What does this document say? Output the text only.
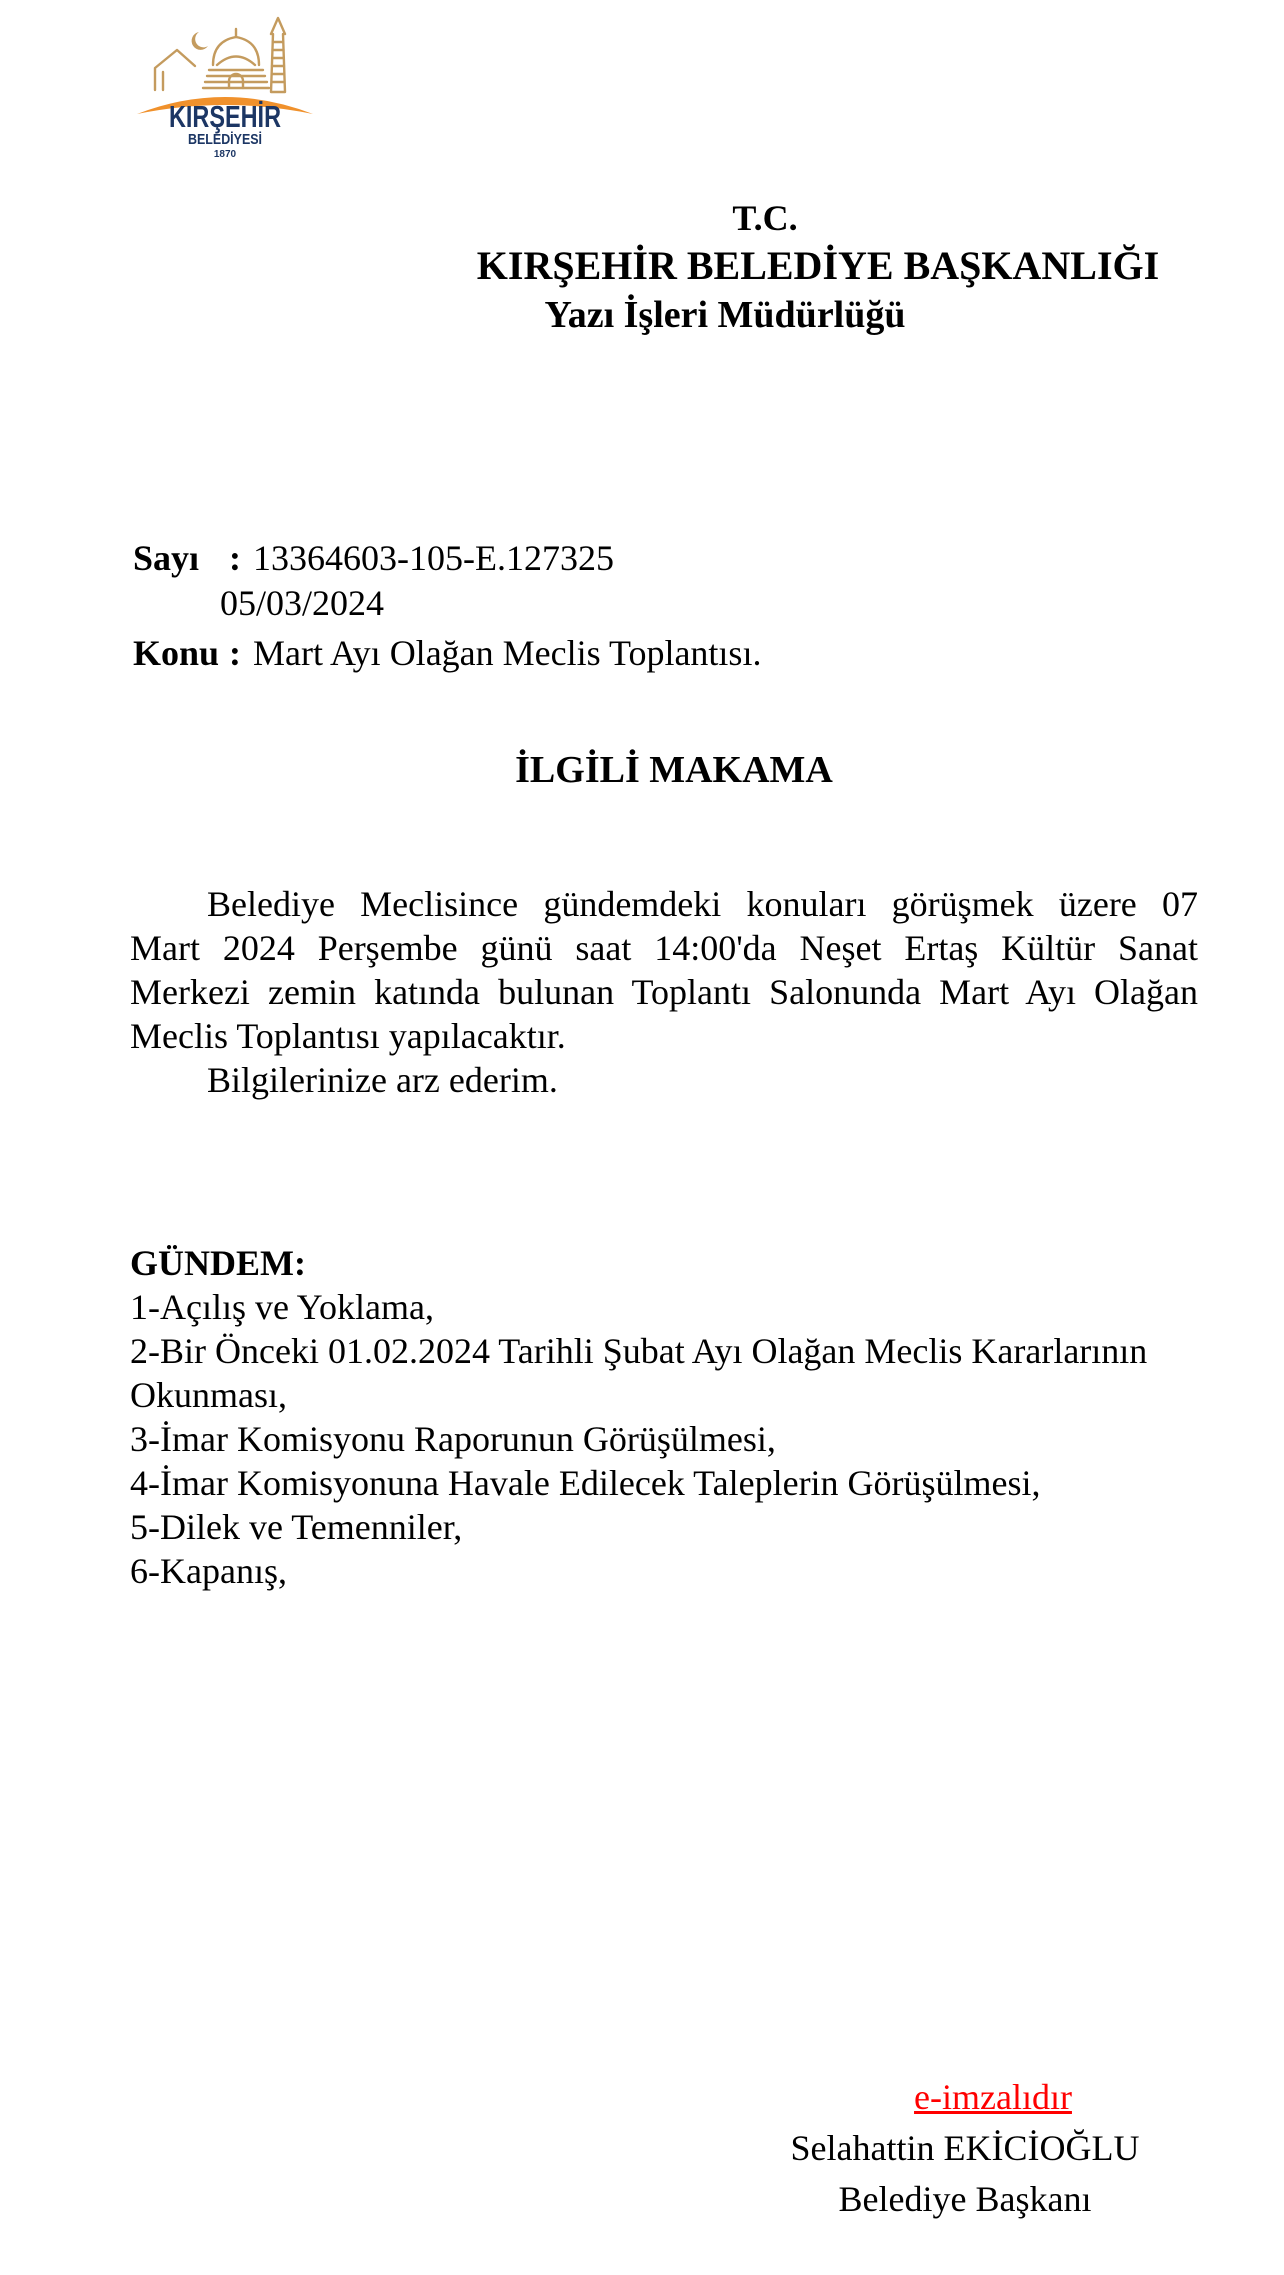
KIRŞEHİR
BELEDİYESİ
1870
T.C.
KIRŞEHİR BELEDİYE BAŞKANLIĞI
Yazı İşleri Müdürlüğü
Sayı : 13364603-105-E.127325
05/03/2024
Konu : Mart Ayı Olağan Meclis Toplantısı.
İLGİLİ MAKAMA
Belediye Meclisince gündemdeki konuları görüşmek üzere 07
Mart 2024 Perşembe günü saat 14:00'da Neşet Ertaş Kültür Sanat
Merkezi zemin katında bulunan Toplantı Salonunda Mart Ayı Olağan
Meclis Toplantısı yapılacaktır.
Bilgilerinize arz ederim.
GÜNDEM:
1-Açılış ve Yoklama,
2-Bir Önceki 01.02.2024 Tarihli Şubat Ayı Olağan Meclis Kararlarının
Okunması,
3-İmar Komisyonu Raporunun Görüşülmesi,
4-İmar Komisyonuna Havale Edilecek Taleplerin Görüşülmesi,
5-Dilek ve Temenniler,
6-Kapanış,
e-imzalıdır
Selahattin EKİCİOĞLU
Belediye Başkanı
